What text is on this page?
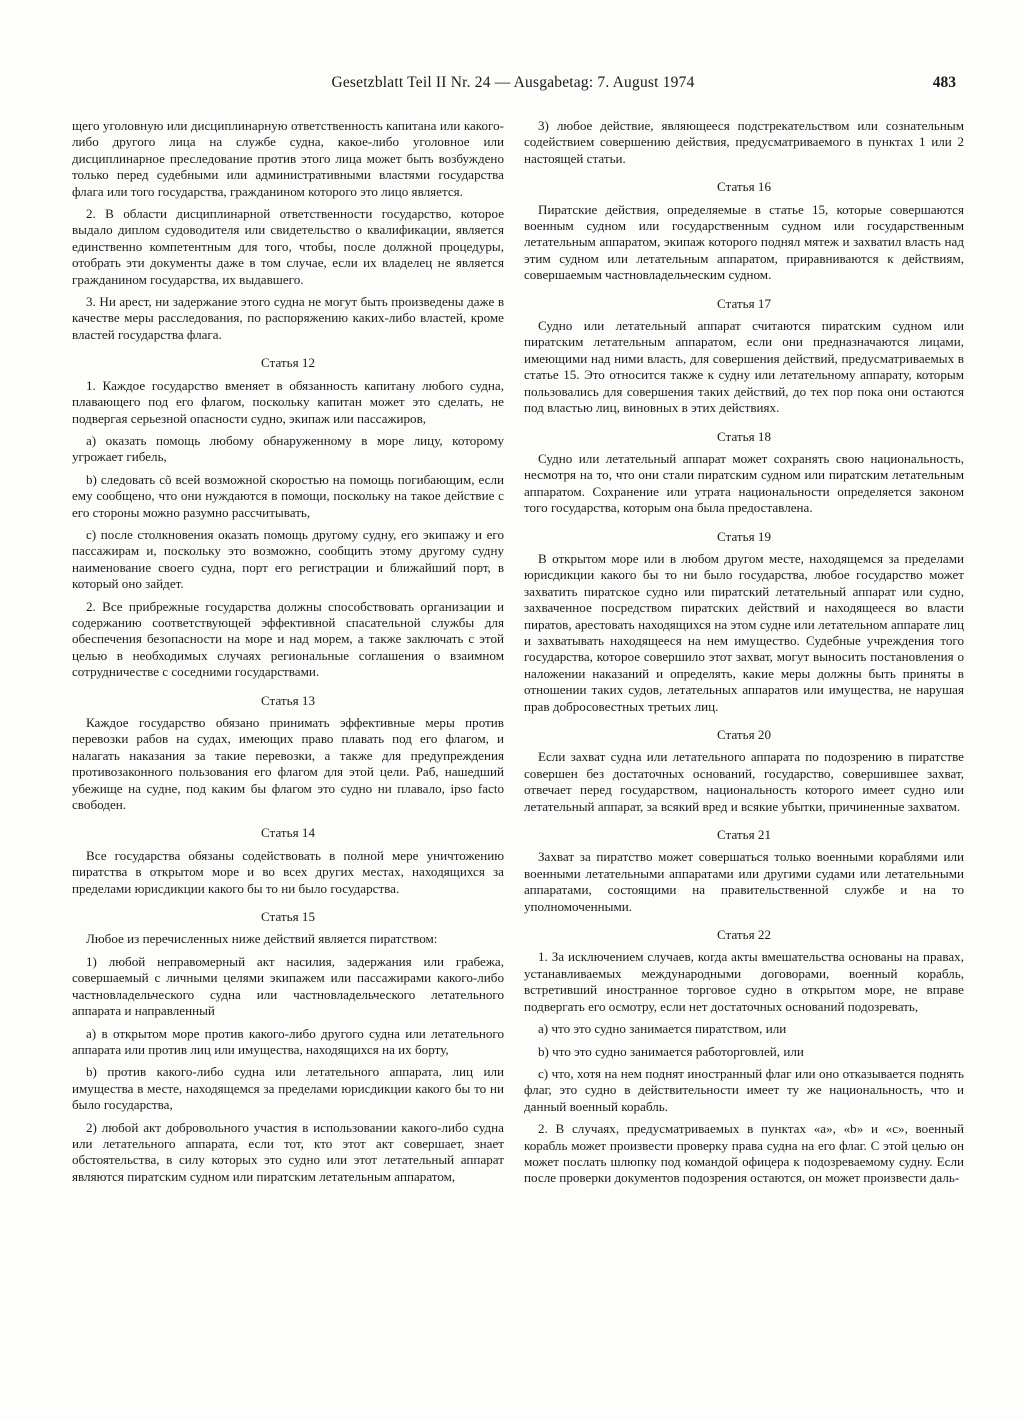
Gesetzblatt Teil II Nr. 24 — Ausgabetag: 7. August 1974	483

щего уголовную или дисциплинарную ответственность капитана или какого-либо другого лица на службе судна, какое-либо уголовное или дисциплинарное преследование против этого лица может быть возбуждено только перед судебными или административными властями государства флага или того государства, гражданином которого это лицо является.

2. В области дисциплинарной ответственности государство, которое выдало диплом судоводителя или свидетельство о квалификации, является единственно компетентным для того, чтобы, после должной процедуры, отобрать эти документы даже в том случае, если их владелец не является гражданином государства, их выдавшего.

3. Ни арест, ни задержание этого судна не могут быть произведены даже в качестве меры расследования, по распоряжению каких-либо властей, кроме властей государства флага.

Статья 12

1. Каждое государство вменяет в обязанность капитану любого судна, плавающего под его флагом, поскольку капитан может это сделать, не подвергая серьезной опасности судно, экипаж или пассажиров,

a) оказать помощь любому обнаруженному в море лицу, которому угрожает гибель,

b) следовать cõ всей возможной скоростью на помощь погибающим, если ему сообщено, что они нуждаются в помощи, поскольку на такое действие с его стороны можно разумно рассчитывать,

c) после столкновения оказать помощь другому судну, его экипажу и его пассажирам и, поскольку это возможно, сообщить этому другому судну наименование своего судна, порт его регистрации и ближайший порт, в который оно зайдет.

2. Все прибрежные государства должны способствовать организации и содержанию соответствующей эффективной спасательной службы для обеспечения безопасности на море и над морем, а также заключать с этой целью в необходимых случаях региональные соглашения о взаимном сотрудничестве с соседними государствами.

Статья 13

Каждое государство обязано принимать эффективные меры против перевозки рабов на судах, имеющих право плавать под его флагом, и налагать наказания за такие перевозки, а также для предупреждения противозаконного пользования его флагом для этой цели. Раб, нашедший убежище на судне, под каким бы флагом это судно ни плавало, ipso facto свободен.

Статья 14

Все государства обязаны содействовать в полной мере уничтожению пиратства в открытом море и во всех других местах, находящихся за пределами юрисдикции какого бы то ни было государства.

Статья 15

Любое из перечисленных ниже действий является пиратством:

1) любой неправомерный акт насилия, задержания или грабежа, совершаемый с личными целями экипажем или пассажирами какого-либо частновладельческого судна или частновладельческого летательного аппарата и направленный

a) в открытом море против какого-либо другого судна или летательного аппарата или против лиц или имущества, находящихся на их борту,

b) против какого-либо судна или летательного аппарата, лиц или имущества в месте, находящемся за пределами юрисдикции какого бы то ни было государства,

2) любой акт добровольного участия в использовании какого-либо судна или летательного аппарата, если тот, кто этот акт совершает, знает обстоятельства, в силу которых это судно или этот летательный аппарат являются пиратским судном или пиратским летательным аппаратом,

3) любое действие, являющееся подстрекательством или сознательным содействием совершению действия, предусматриваемого в пунктах 1 или 2 настоящей статьи.

Статья 16

Пиратские действия, определяемые в статье 15, которые совершаются военным судном или государственным судном или государственным летательным аппаратом, экипаж которого поднял мятеж и захватил власть над этим судном или летательным аппаратом, приравниваются к действиям, совершаемым частновладельческим судном.

Статья 17

Судно или летательный аппарат считаются пиратским судном или пиратским летательным аппаратом, если они предназначаются лицами, имеющими над ними власть, для совершения действий, предусматриваемых в статье 15. Это относится также к судну или летательному аппарату, которым пользовались для совершения таких действий, до тех пор пока они остаются под властью лиц, виновных в этих действиях.

Статья 18

Судно или летательный аппарат может сохранять свою национальность, несмотря на то, что они стали пиратским судном или пиратским летательным аппаратом. Сохранение или утрата национальности определяется законом того государства, которым она была предоставлена.

Статья 19

В открытом море или в любом другом месте, находящемся за пределами юрисдикции какого бы то ни было государства, любое государство может захватить пиратское судно или пиратский летательный аппарат или судно, захваченное посредством пиратских действий и находящееся во власти пиратов, арестовать находящихся на этом судне или летательном аппарате лиц и захватывать находящееся на нем имущество. Судебные учреждения того государства, которое совершило этот захват, могут выносить постановления о наложении наказаний и определять, какие меры должны быть приняты в отношении таких судов, летательных аппаратов или имущества, не нарушая прав добросовестных третьих лиц.

Статья 20

Если захват судна или летательного аппарата по подозрению в пиратстве совершен без достаточных оснований, государство, совершившее захват, отвечает перед государством, национальность которого имеет судно или летательный аппарат, за всякий вред и всякие убытки, причиненные захватом.

Статья 21

Захват за пиратство может совершаться только военными кораблями или военными летательными аппаратами или другими судами или летательными аппаратами, состоящими на правительственной службе и на то уполномоченными.

Статья 22

1. За исключением случаев, когда акты вмешательства основаны на правах, устанавливаемых международными договорами, военный корабль, встретивший иностранное торговое судно в открытом море, не вправе подвергать его осмотру, если нет достаточных оснований подозревать,

a) что это судно занимается пиратством, или

b) что это судно занимается работорговлей, или

c) что, хотя на нем поднят иностранный флаг или оно отказывается поднять флаг, это судно в действительности имеет ту же национальность, что и данный военный корабль.

2. В случаях, предусматриваемых в пунктах «a», «b» и «c», военный корабль может произвести проверку права судна на его флаг. С этой целью он может послать шлюпку под командой офицера к подозреваемому судну. Если после проверки документов подозрения остаются, он может произвести даль-
